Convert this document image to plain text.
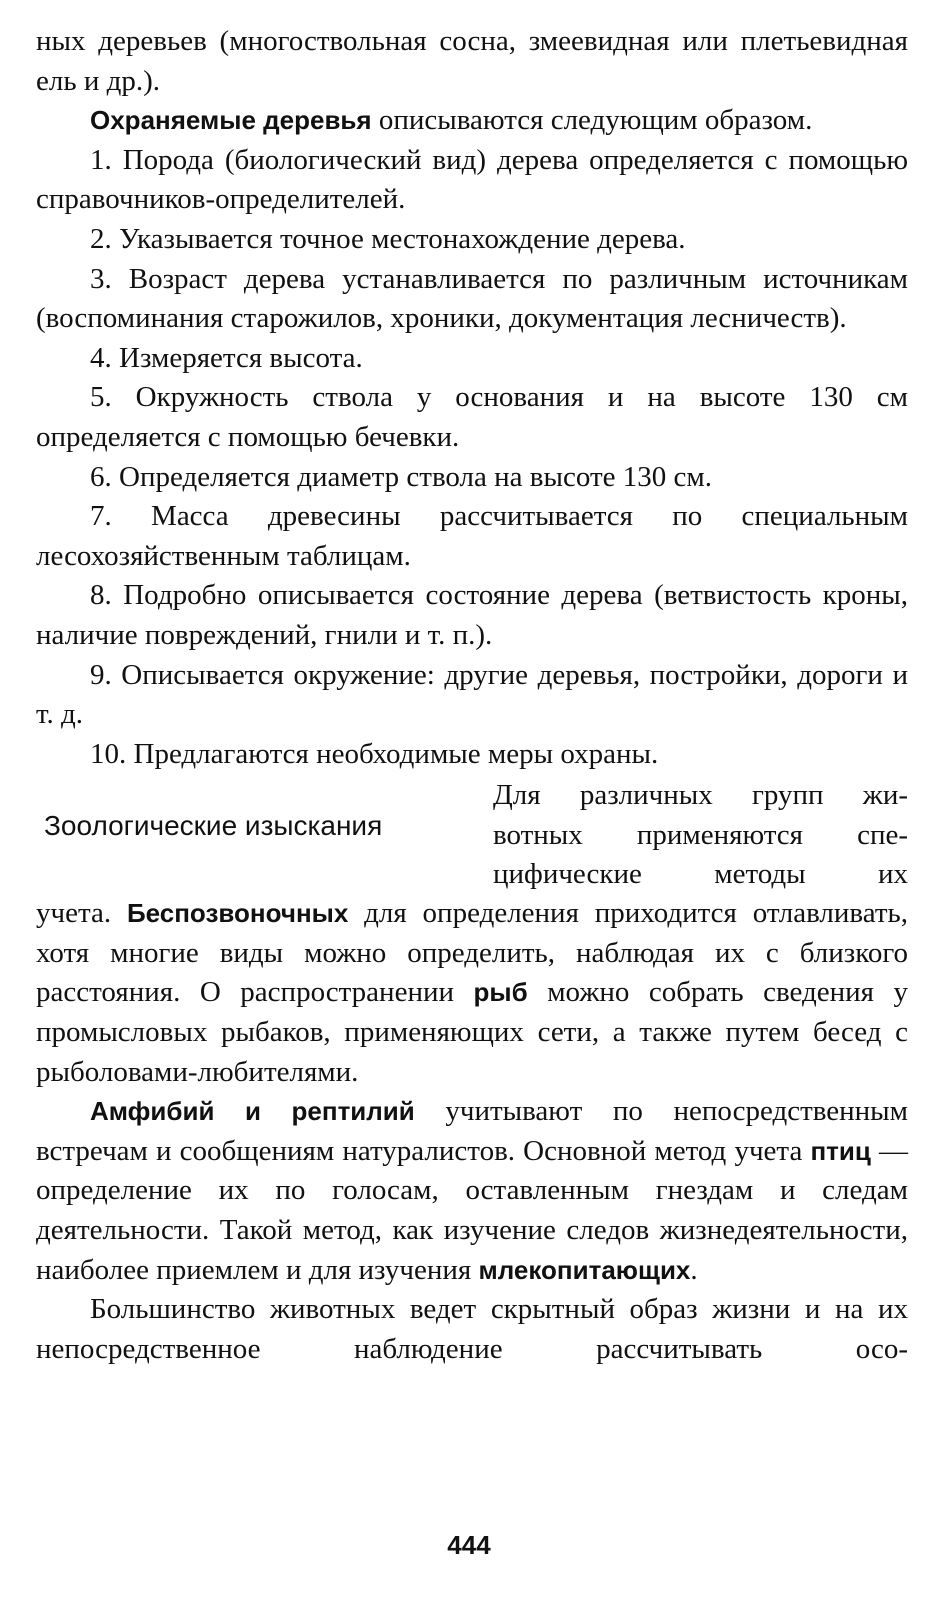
ных деревьев (многоствольная сосна, змеевидная или плетьевидная ель и др.).

Охраняемые деревья описываются следующим образом.

1. Порода (биологический вид) дерева определяется с помощью справочников-определителей.

2. Указывается точное местонахождение дерева.

3. Возраст дерева устанавливается по различным источникам (воспоминания старожилов, хроники, документация лесничеств).

4. Измеряется высота.

5. Окружность ствола у основания и на высоте 130 см определяется с помощью бечевки.

6. Определяется диаметр ствола на высоте 130 см.

7. Масса древесины рассчитывается по специальным лесохозяйственным таблицам.

8. Подробно описывается состояние дерева (ветвистость кроны, наличие повреждений, гнили и т. п.).

9. Описывается окружение: другие деревья, постройки, дороги и т. д.

10. Предлагаются необходимые меры охраны.

Зоологические изыскания
Для различных групп жи-
вотных применяются спе-
цифические методы их

учета. Беспозвоночных для определения приходится отлавливать, хотя многие виды можно определить, наблюдая их с близкого расстояния. О распространении рыб можно собрать сведения у промысловых рыбаков, применяющих сети, а также путем бесед с рыболовами-любителями.

Амфибий и рептилий учитывают по непосредственным встречам и сообщениям натуралистов. Основной метод учета птиц — определение их по голосам, оставленным гнездам и следам деятельности. Такой метод, как изучение следов жизнедеятельности, наиболее приемлем и для изучения млекопитающих.

Большинство животных ведет скрытный образ жизни и на их непосредственное наблюдение рассчитывать осо-

444
